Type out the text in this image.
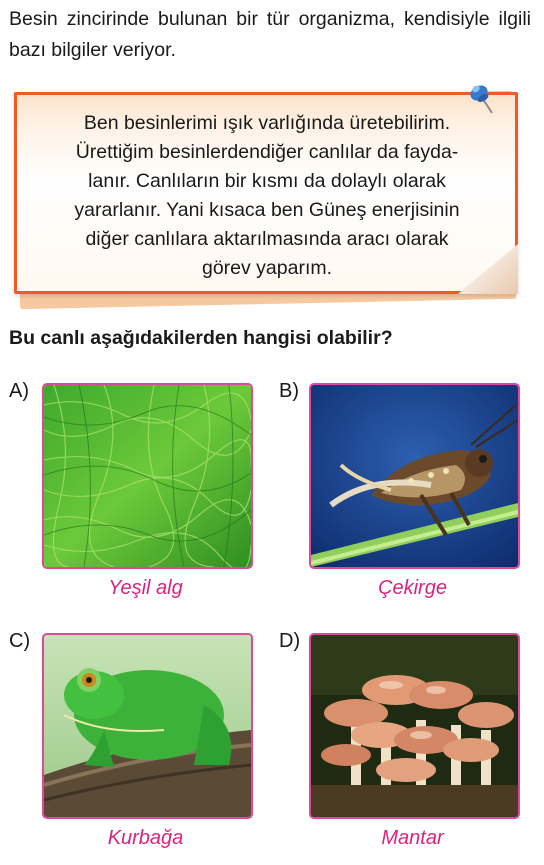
Besin zincirinde bulunan bir tür organizma, kendisiyle ilgili bazı bilgiler veriyor.
Ben besinlerimi ışık varlığında üretebilirim.
Ürettiğim besinlerdendiğer canlılar da fayda-
lanır. Canlıların bir kısmı da dolaylı olarak
yararlanır. Yani kısaca ben Güneş enerjisinin
diğer canlılara aktarılmasında aracı olarak
görev yaparım.
Bu canlı aşağıdakilerden hangisi olabilir?
A)
Yeşil alg
B)
Çekirge
C)
Kurbağa
D)
Mantar
